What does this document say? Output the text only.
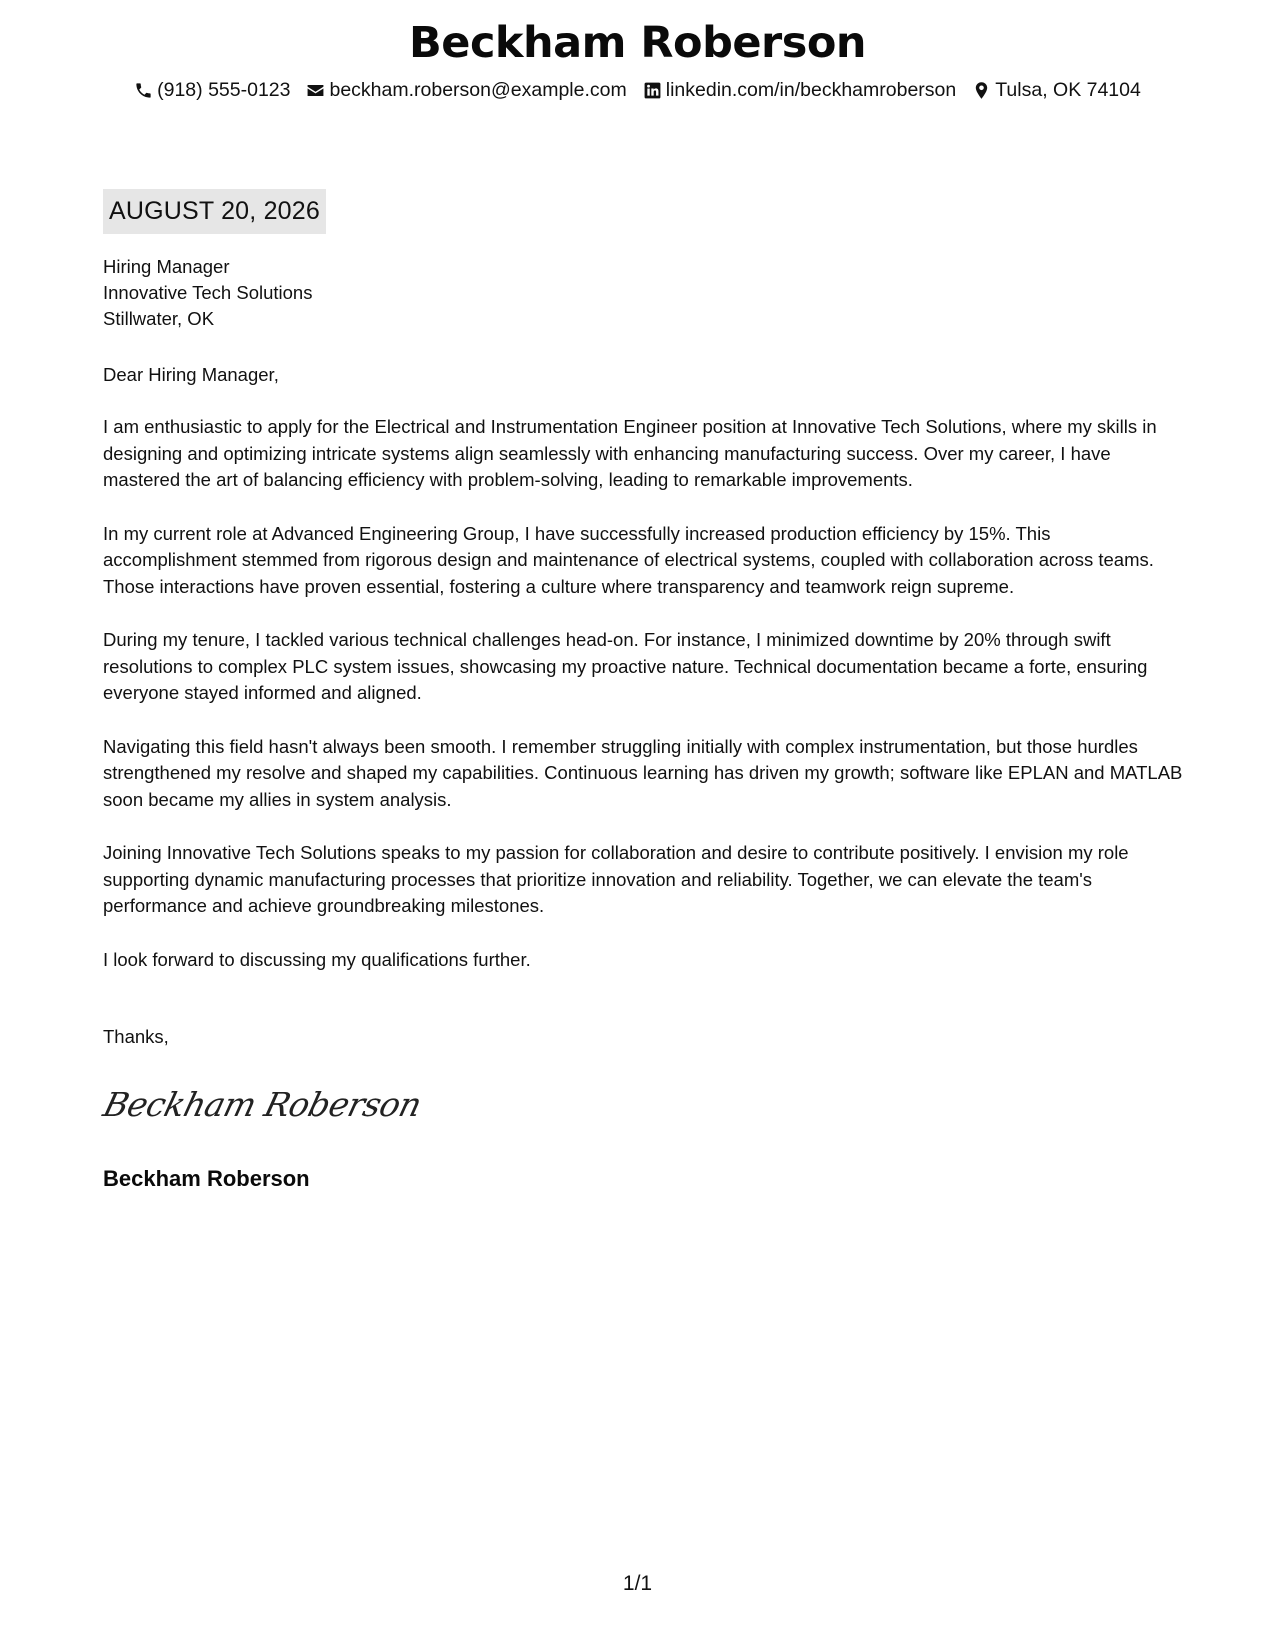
Beckham Roberson
(918) 555-0123 beckham.roberson@example.com linkedin.com/in/beckhamroberson Tulsa, OK 74104
AUGUST 20, 2026
Hiring Manager
Innovative Tech Solutions
Stillwater, OK
Dear Hiring Manager,

I am enthusiastic to apply for the Electrical and Instrumentation Engineer position at Innovative Tech Solutions, where my skills in designing and optimizing intricate systems align seamlessly with enhancing manufacturing success. Over my career, I have mastered the art of balancing efficiency with problem-solving, leading to remarkable improvements.

In my current role at Advanced Engineering Group, I have successfully increased production efficiency by 15%. This accomplishment stemmed from rigorous design and maintenance of electrical systems, coupled with collaboration across teams. Those interactions have proven essential, fostering a culture where transparency and teamwork reign supreme.

During my tenure, I tackled various technical challenges head-on. For instance, I minimized downtime by 20% through swift resolutions to complex PLC system issues, showcasing my proactive nature. Technical documentation became a forte, ensuring everyone stayed informed and aligned.

Navigating this field hasn't always been smooth. I remember struggling initially with complex instrumentation, but those hurdles strengthened my resolve and shaped my capabilities. Continuous learning has driven my growth; software like EPLAN and MATLAB soon became my allies in system analysis.

Joining Innovative Tech Solutions speaks to my passion for collaboration and desire to contribute positively. I envision my role supporting dynamic manufacturing processes that prioritize innovation and reliability. Together, we can elevate the team's performance and achieve groundbreaking milestones.

I look forward to discussing my qualifications further.

Thanks,
Beckham Roberson
Beckham Roberson
1/1
